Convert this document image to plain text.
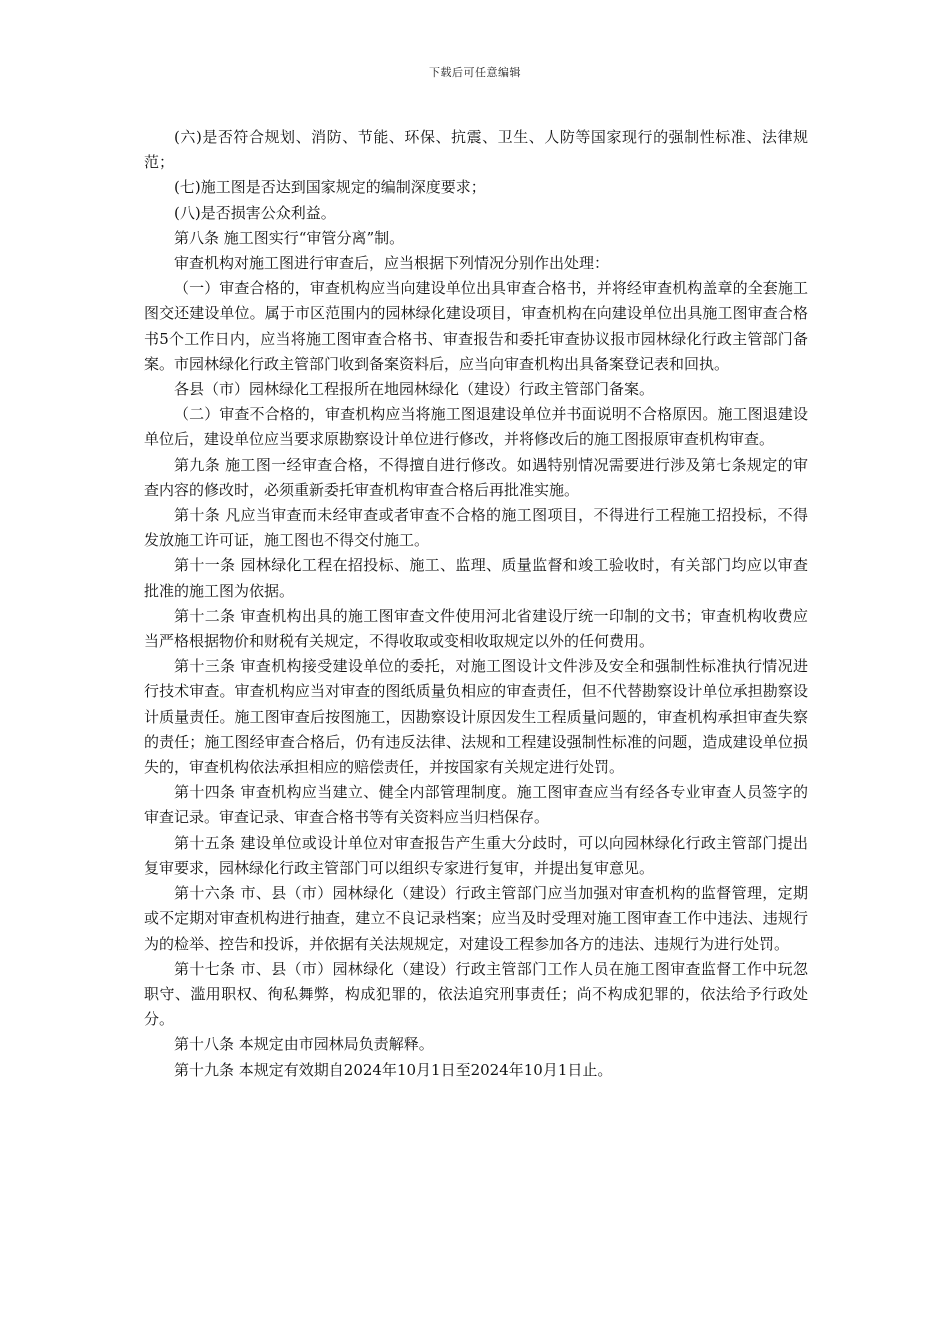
下载后可任意编辑

(六)是否符合规划、消防、节能、环保、抗震、卫生、人防等国家现行的强制性标准、法律规范；

(七)施工图是否达到国家规定的编制深度要求；

(八)是否损害公众利益。

第八条 施工图实行“审管分离”制。

审查机构对施工图进行审查后，应当根据下列情况分别作出处理：

（一）审查合格的，审查机构应当向建设单位出具审查合格书，并将经审查机构盖章的全套施工图交还建设单位。属于市区范围内的园林绿化建设项目，审查机构在向建设单位出具施工图审查合格书5个工作日内，应当将施工图审查合格书、审查报告和委托审查协议报市园林绿化行政主管部门备案。市园林绿化行政主管部门收到备案资料后，应当向审查机构出具备案登记表和回执。

各县（市）园林绿化工程报所在地园林绿化（建设）行政主管部门备案。

（二）审查不合格的，审查机构应当将施工图退建设单位并书面说明不合格原因。施工图退建设单位后，建设单位应当要求原勘察设计单位进行修改，并将修改后的施工图报原审查机构审查。

第九条 施工图一经审查合格，不得擅自进行修改。如遇特别情况需要进行涉及第七条规定的审查内容的修改时，必须重新委托审查机构审查合格后再批准实施。

第十条 凡应当审查而未经审查或者审查不合格的施工图项目，不得进行工程施工招投标，不得发放施工许可证，施工图也不得交付施工。

第十一条 园林绿化工程在招投标、施工、监理、质量监督和竣工验收时，有关部门均应以审查批准的施工图为依据。

第十二条 审查机构出具的施工图审查文件使用河北省建设厅统一印制的文书；审查机构收费应当严格根据物价和财税有关规定，不得收取或变相收取规定以外的任何费用。

第十三条 审查机构接受建设单位的委托，对施工图设计文件涉及安全和强制性标准执行情况进行技术审查。审查机构应当对审查的图纸质量负相应的审查责任，但不代替勘察设计单位承担勘察设计质量责任。施工图审查后按图施工，因勘察设计原因发生工程质量问题的，审查机构承担审查失察的责任；施工图经审查合格后，仍有违反法律、法规和工程建设强制性标准的问题，造成建设单位损失的，审查机构依法承担相应的赔偿责任，并按国家有关规定进行处罚。

第十四条 审查机构应当建立、健全内部管理制度。施工图审查应当有经各专业审查人员签字的审查记录。审查记录、审查合格书等有关资料应当归档保存。

第十五条 建设单位或设计单位对审查报告产生重大分歧时，可以向园林绿化行政主管部门提出复审要求，园林绿化行政主管部门可以组织专家进行复审，并提出复审意见。

第十六条 市、县（市）园林绿化（建设）行政主管部门应当加强对审查机构的监督管理，定期或不定期对审查机构进行抽查，建立不良记录档案；应当及时受理对施工图审查工作中违法、违规行为的检举、控告和投诉，并依据有关法规规定，对建设工程参加各方的违法、违规行为进行处罚。

第十七条 市、县（市）园林绿化（建设）行政主管部门工作人员在施工图审查监督工作中玩忽职守、滥用职权、徇私舞弊，构成犯罪的，依法追究刑事责任；尚不构成犯罪的，依法给予行政处分。

第十八条 本规定由市园林局负责解释。

第十九条 本规定有效期自2024年10月1日至2024年10月1日止。
